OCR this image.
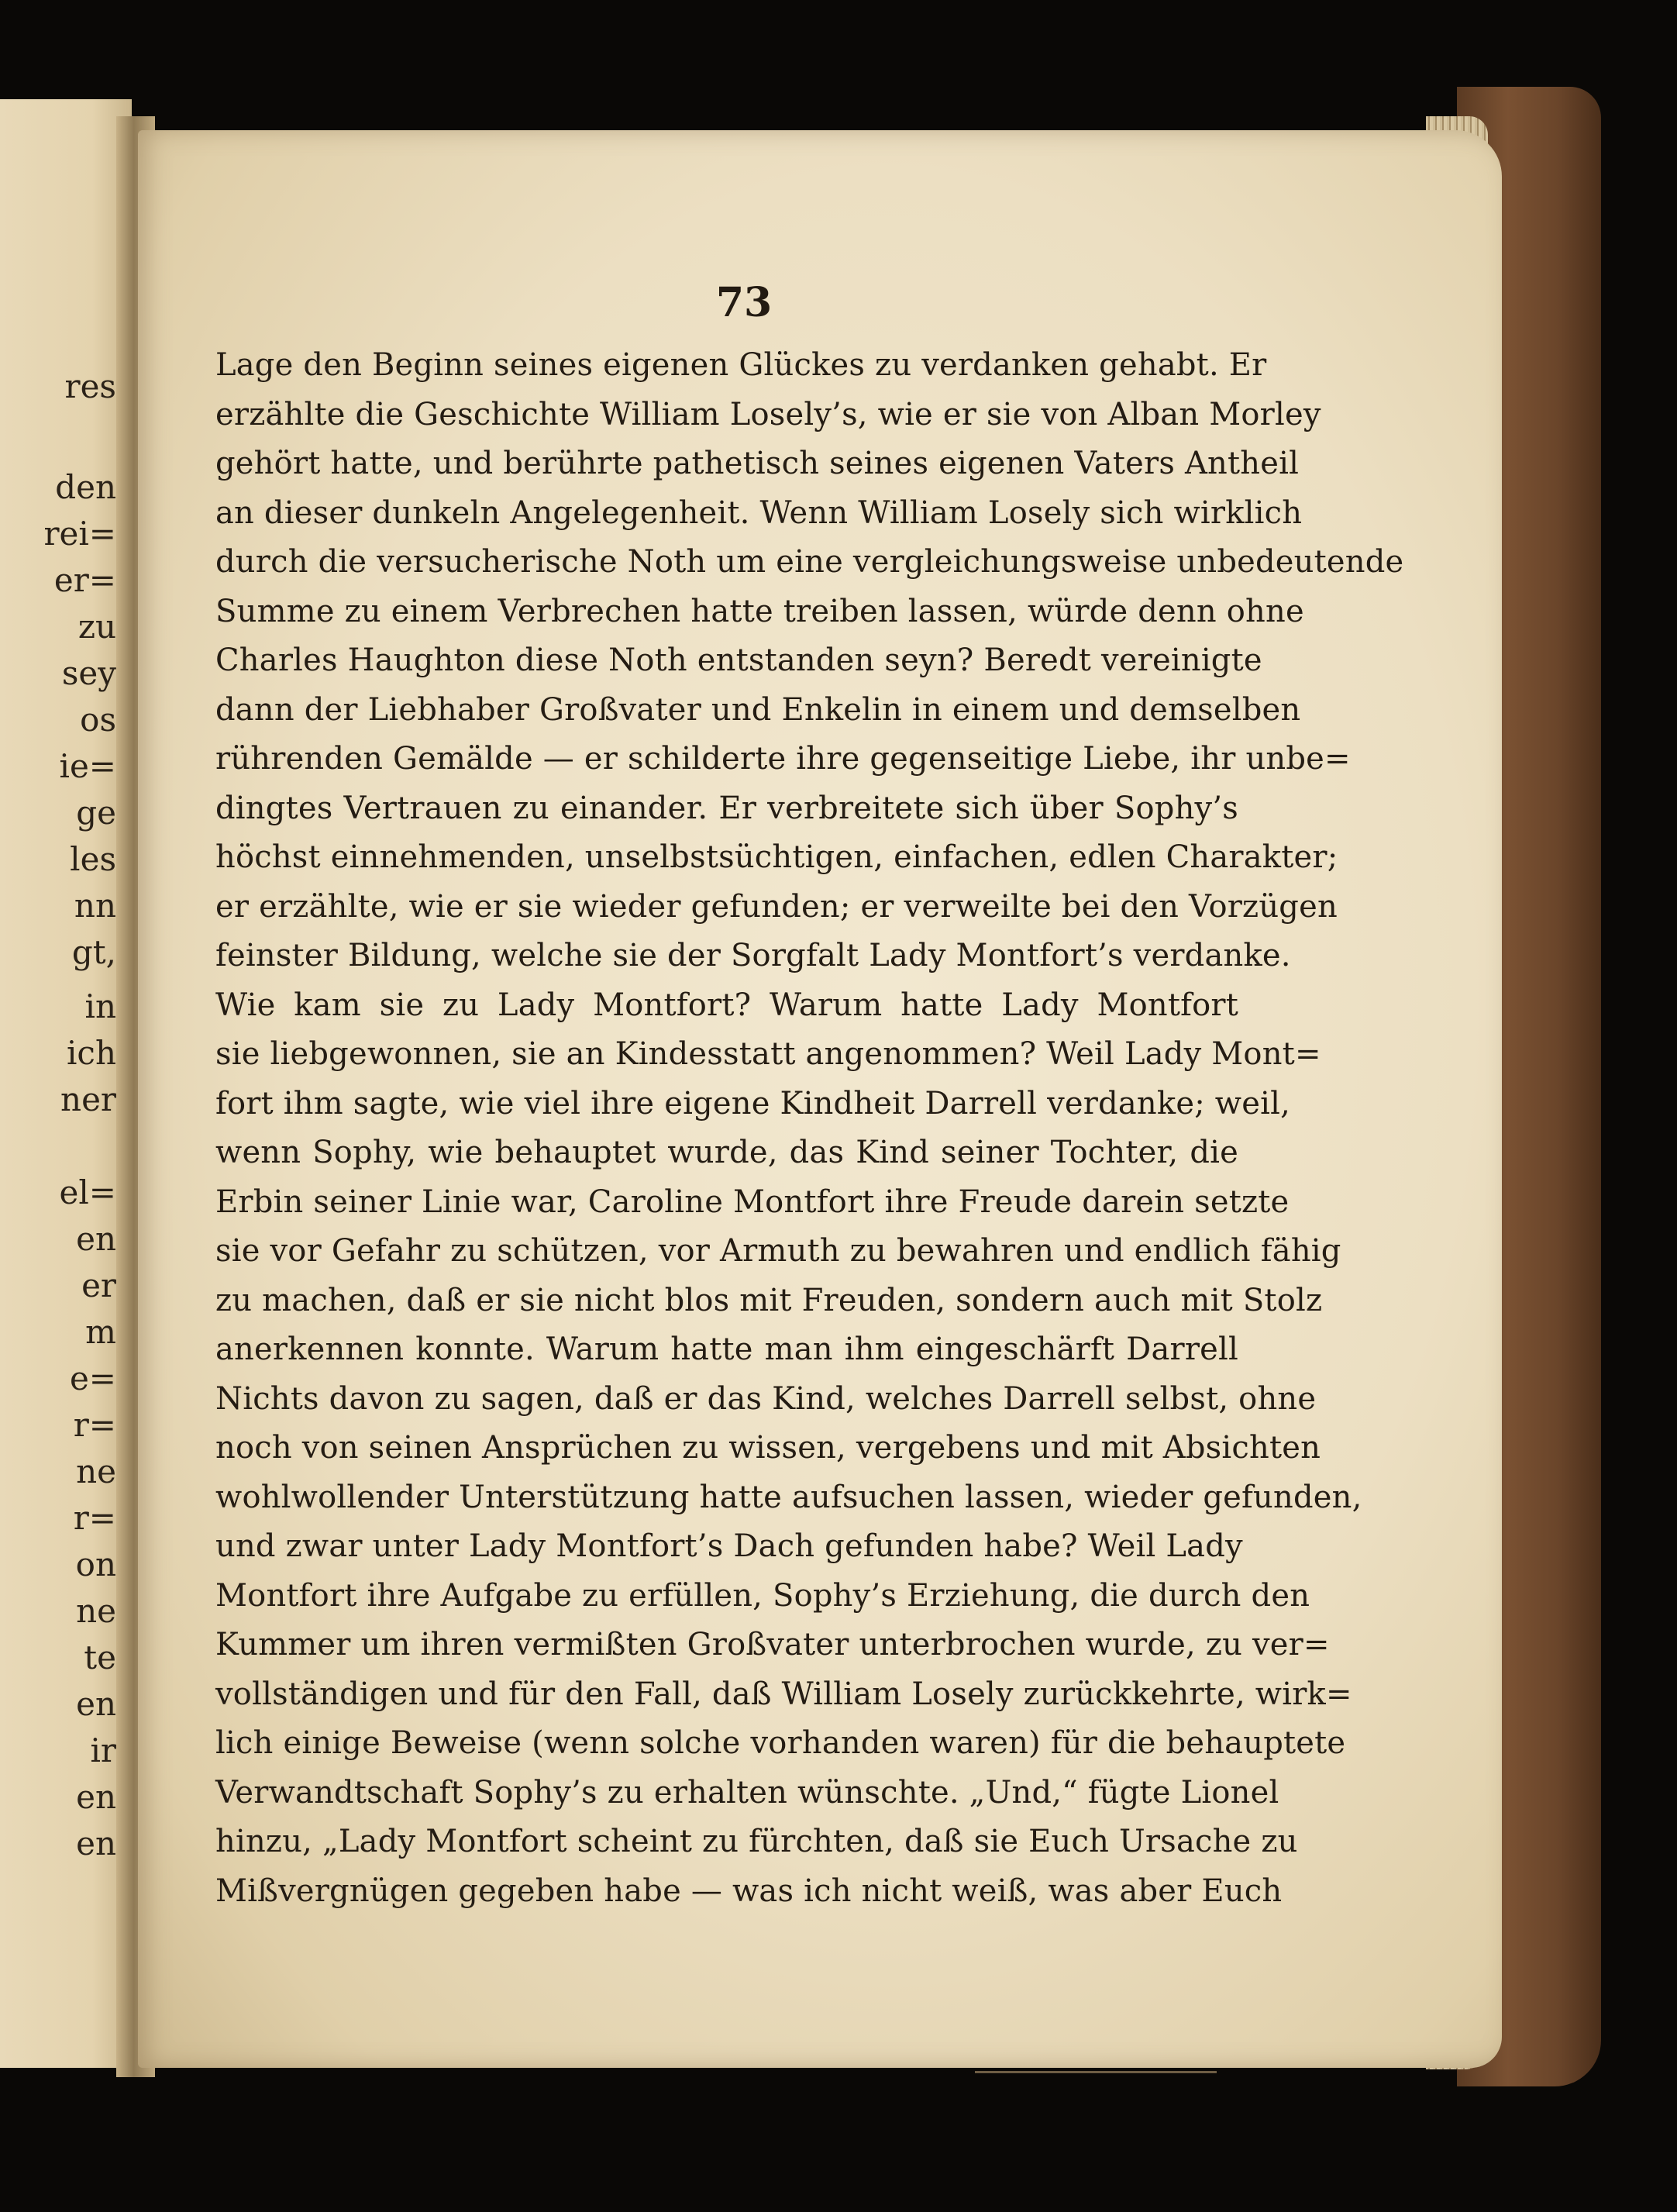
res
den
rei=
er=
zu
sey
os
ie=
ge
les
nn
gt,
in
ich
ner
el=
en
er
m
e=
r=
ne
r=
on
ne
te
en
ir
en
en
73
Lage den Beginn seines eigenen Glückes zu verdanken gehabt. Er
erzählte die Geschichte William Losely’s, wie er sie von Alban Morley
gehört hatte, und berührte pathetisch seines eigenen Vaters Antheil
an dieser dunkeln Angelegenheit. Wenn William Losely sich wirklich
durch die versucherische Noth um eine vergleichungsweise unbedeutende
Summe zu einem Verbrechen hatte treiben lassen, würde denn ohne
Charles Haughton diese Noth entstanden seyn? Beredt vereinigte
dann der Liebhaber Großvater und Enkelin in einem und demselben
rührenden Gemälde — er schilderte ihre gegenseitige Liebe, ihr unbe=
dingtes Vertrauen zu einander. Er verbreitete sich über Sophy’s
höchst einnehmenden, unselbstsüchtigen, einfachen, edlen Charakter;
er erzählte, wie er sie wieder gefunden; er verweilte bei den Vorzügen
feinster Bildung, welche sie der Sorgfalt Lady Montfort’s verdanke.
Wie kam sie zu Lady Montfort? Warum hatte Lady Montfort
sie liebgewonnen, sie an Kindesstatt angenommen? Weil Lady Mont=
fort ihm sagte, wie viel ihre eigene Kindheit Darrell verdanke; weil,
wenn Sophy, wie behauptet wurde, das Kind seiner Tochter, die
Erbin seiner Linie war, Caroline Montfort ihre Freude darein setzte
sie vor Gefahr zu schützen, vor Armuth zu bewahren und endlich fähig
zu machen, daß er sie nicht blos mit Freuden, sondern auch mit Stolz
anerkennen konnte. Warum hatte man ihm eingeschärft Darrell
Nichts davon zu sagen, daß er das Kind, welches Darrell selbst, ohne
noch von seinen Ansprüchen zu wissen, vergebens und mit Absichten
wohlwollender Unterstützung hatte aufsuchen lassen, wieder gefunden,
und zwar unter Lady Montfort’s Dach gefunden habe? Weil Lady
Montfort ihre Aufgabe zu erfüllen, Sophy’s Erziehung, die durch den
Kummer um ihren vermißten Großvater unterbrochen wurde, zu ver=
vollständigen und für den Fall, daß William Losely zurückkehrte, wirk=
lich einige Beweise (wenn solche vorhanden waren) für die behauptete
Verwandtschaft Sophy’s zu erhalten wünschte. „Und,“ fügte Lionel
hinzu, „Lady Montfort scheint zu fürchten, daß sie Euch Ursache zu
Mißvergnügen gegeben habe — was ich nicht weiß, was aber Euch
